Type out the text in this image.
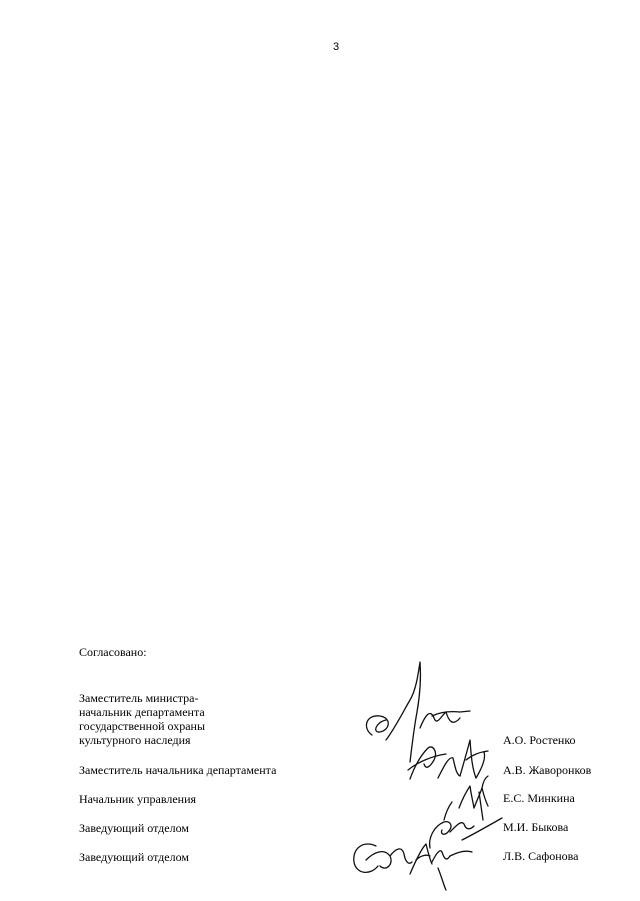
3
Согласовано:
Заместитель министра-
начальник департамента
государственной охраны
культурного наследия	А.О. Ростенко
Заместитель начальника департамента	А.В. Жаворонков
Начальник управления	Е.С. Минкина
Заведующий отделом	М.И. Быкова
Заведующий отделом	Л.В. Сафонова
